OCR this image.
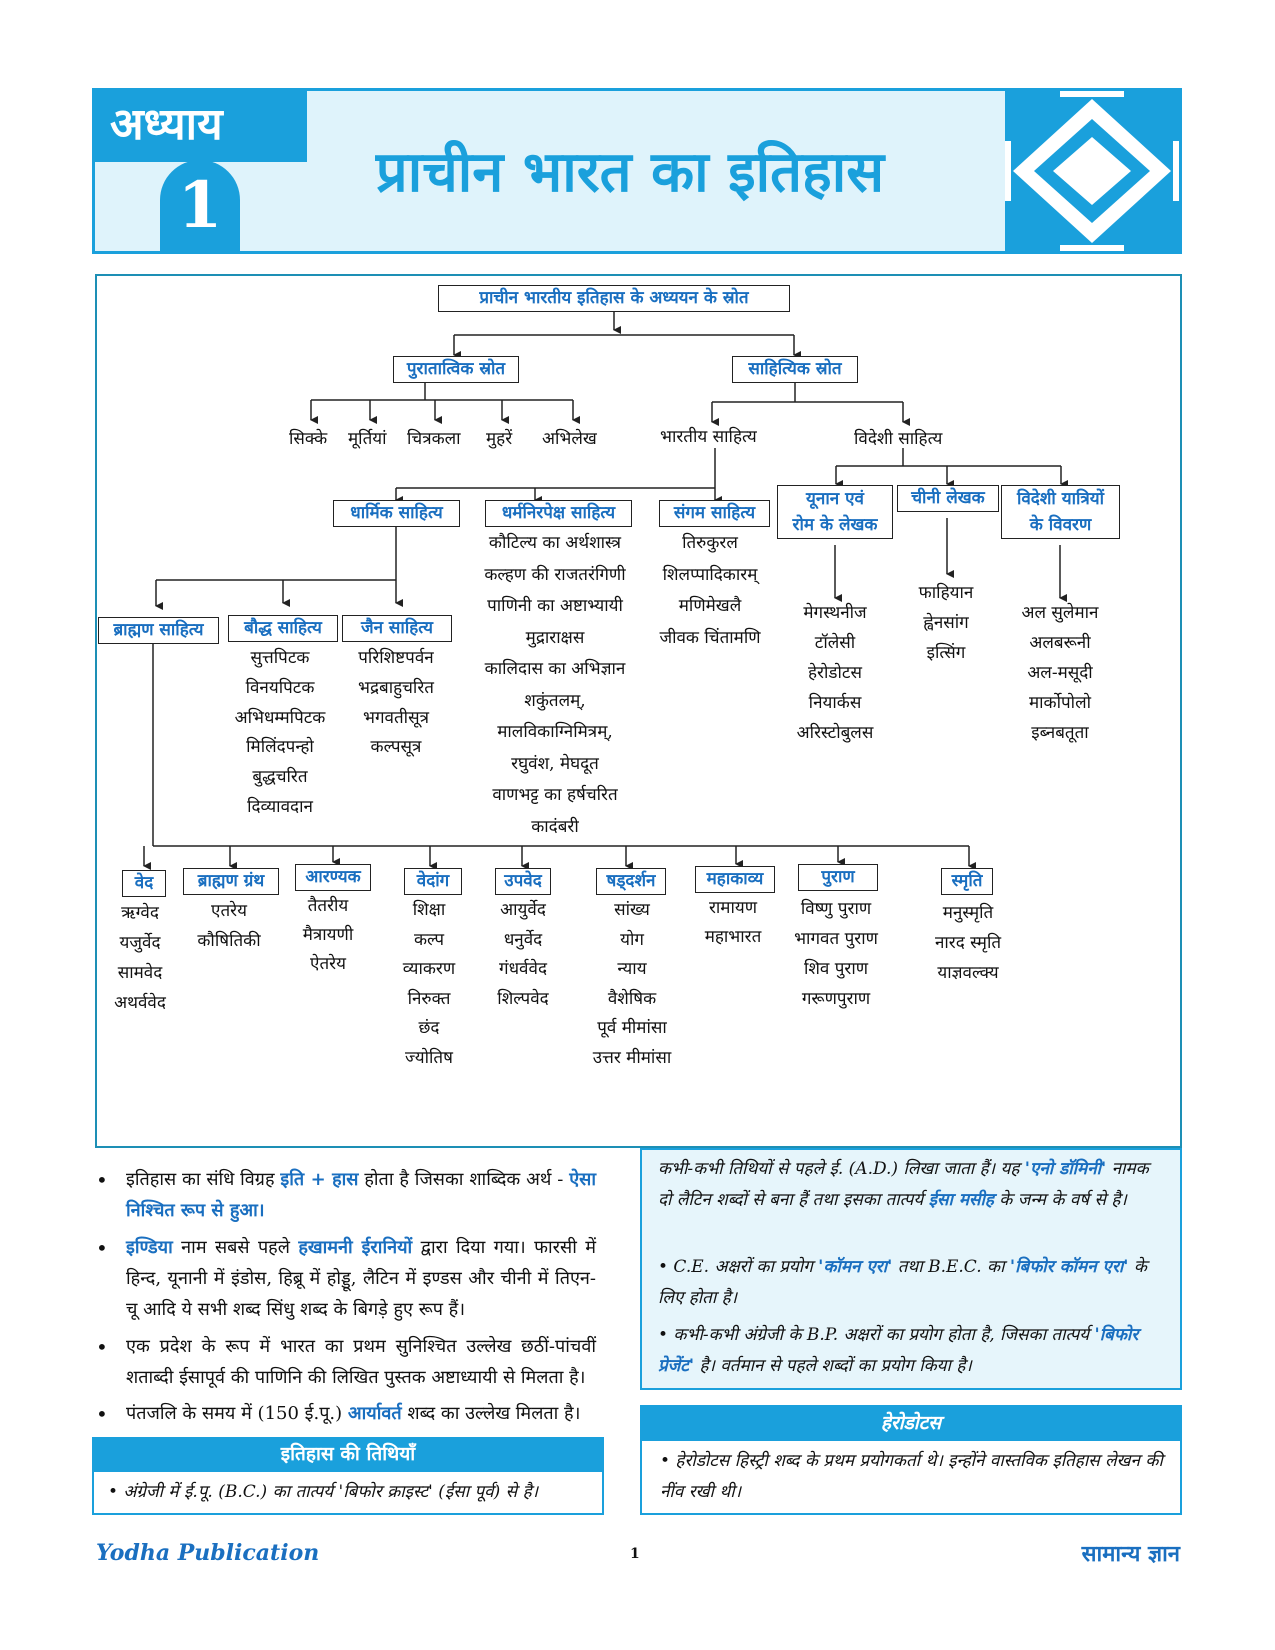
अध्याय
1	प्राचीन भारत का इतिहास
प्राचीन भारतीय इतिहास के अध्ययन के स्रोत
पुरातात्विक स्रोत	साहित्यिक स्रोत
सिक्के मूर्तियां चित्रकला मुहरें अभिलेख	भारतीय साहित्य	विदेशी साहित्य
धार्मिक साहित्य	धर्मनिरपेक्ष साहित्य	संगम साहित्य
यूनान एवं
रोम के लेखक
चीनी लेखक	विदेशी यात्रियों
के विवरण
कौटिल्य का अर्थशास्त्र
कल्हण की राजतरंगिणी
पाणिनी का अष्टाभ्यायी
मुद्राराक्षस
कालिदास का अभिज्ञान
शकुंतलम्,
मालविकाग्निमित्रम्,
रघुवंश, मेघदूत
वाणभट्ट का हर्षचरित
कादंबरी
तिरुकुरल
शिलप्पादिकारम्
मणिमेखलै
जीवक चिंतामणि
मेगस्थनीज
टॉलेसी
हेरोडोटस
नियार्कस
अरिस्टोबुलस
फाहियान
ह्वेनसांग
इत्सिंग
अल सुलेमान
अलबरूनी
अल-मसूदी
मार्कोपोलो
इब्नबतूता
ब्राह्मण साहित्य	बौद्ध साहित्य	जैन साहित्य
सुत्तपिटक
विनयपिटक
अभिधम्मपिटक
मिलिंदपन्हो
बुद्धचरित
दिव्यावदान
परिशिष्टपर्वन
भद्रबाहुचरित
भगवतीसूत्र
कल्पसूत्र
वेद	ब्राह्मण ग्रंथ	आरण्यक	वेदांग	उपवेद	षड्दर्शन	महाकाव्य	पुराण	स्मृति
ऋग्वेद
यजुर्वेद
सामवेद
अथर्ववेद
एतरेय
कौषितिकी
तैतरीय
मैत्रायणी
ऐतरेय
शिक्षा
कल्प
व्याकरण
निरुक्त
छंद
ज्योतिष
आयुर्वेद
धनुर्वेद
गंधर्ववेद
शिल्पवेद
सांख्य
योग
न्याय
वैशेषिक
पूर्व मीमांसा
उत्तर मीमांसा
रामायण
महाभारत
विष्णु पुराण
भागवत पुराण
शिव पुराण
गरूणपुराण
मनुस्मृति
नारद स्मृति
याज्ञवल्क्य
• इतिहास का संधि विग्रह इति + हास होता है जिसका शाब्दिक अर्थ - ऐसा निश्चित रूप से हुआ।
• इण्डिया नाम सबसे पहले हखामनी ईरानियों द्वारा दिया गया। फारसी में हिन्द, यूनानी में इंडोस, हिब्रू में होड्डू, लैटिन में इण्डस और चीनी में तिएन-चू आदि ये सभी शब्द सिंधु शब्द के बिगड़े हुए रूप हैं।
• एक प्रदेश के रूप में भारत का प्रथम सुनिश्चित उल्लेख छठीं-पांचवीं शताब्दी ईसापूर्व की पाणिनि की लिखित पुस्तक अष्टाध्यायी से मिलता है।
• पंतजलि के समय में (150 ई.पू.) आर्यावर्त शब्द का उल्लेख मिलता है।
इतिहास की तिथियाँ
• अंग्रेजी में ई.पू. (B.C.) का तात्पर्य 'बिफोर क्राइस्ट' (ईसा पूर्व) से है।
कभी-कभी तिथियों से पहले ई. (A.D.) लिखा जाता हैं। यह 'एनो डॉमिनी' नामक दो लैटिन शब्दों से बना हैं तथा इसका तात्पर्य ईसा मसीह के जन्म के वर्ष से है।
• C.E. अक्षरों का प्रयोग 'कॉमन एरा' तथा B.E.C. का 'बिफोर कॉमन एरा' के लिए होता है।
• कभी-कभी अंग्रेजी के B.P. अक्षरों का प्रयोग होता है, जिसका तात्पर्य 'बिफोर प्रेजेंट' है। वर्तमान से पहले शब्दों का प्रयोग किया है।
हेरोडोटस
• हेरोडोटस हिस्ट्री शब्द के प्रथम प्रयोगकर्ता थे। इन्होंने वास्तविक इतिहास लेखन की नींव रखी थी।
Yodha Publication	1	सामान्य ज्ञान
